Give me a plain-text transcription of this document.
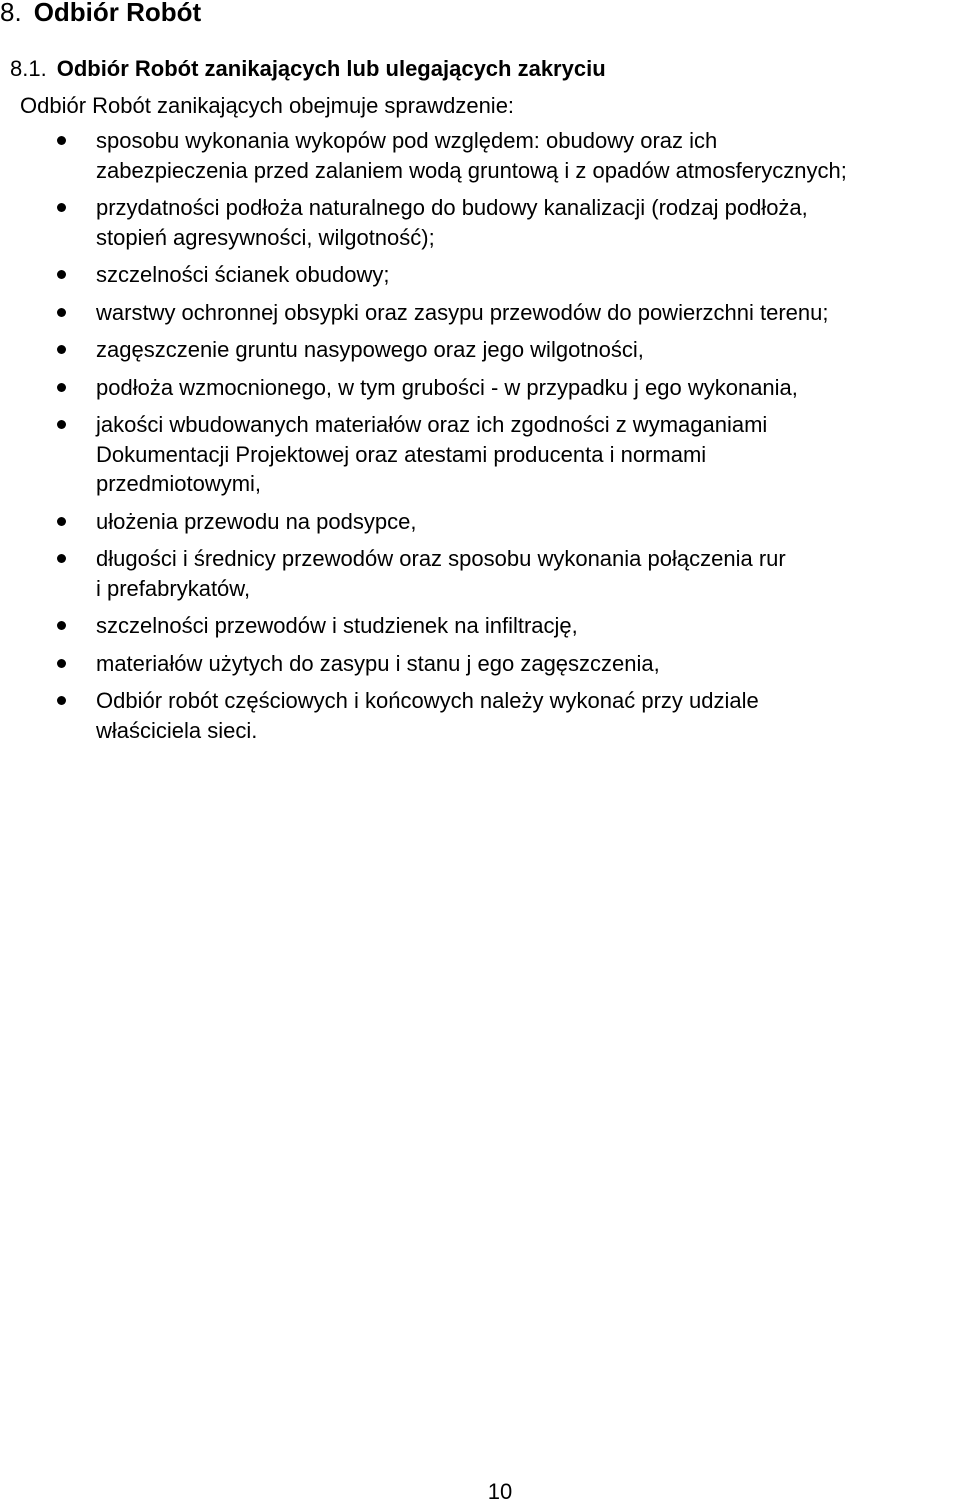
8. Odbiór Robót
8.1. Odbiór Robót zanikających lub ulegających zakryciu
Odbiór Robót zanikających obejmuje sprawdzenie:
sposobu wykonania wykopów pod względem: obudowy oraz ich
zabezpieczenia przed zalaniem wodą gruntową i z opadów atmosferycznych;
przydatności podłoża naturalnego do budowy kanalizacji (rodzaj podłoża,
stopień agresywności, wilgotność);
szczelności ścianek obudowy;
warstwy ochronnej obsypki oraz zasypu przewodów do powierzchni terenu;
zagęszczenie gruntu nasypowego oraz jego wilgotności,
podłoża wzmocnionego, w tym grubości - w przypadku j ego wykonania,
jakości wbudowanych materiałów oraz ich zgodności z wymaganiami
Dokumentacji Projektowej oraz atestami producenta i normami
przedmiotowymi,
ułożenia przewodu na podsypce,
długości i średnicy przewodów oraz sposobu wykonania połączenia rur
i prefabrykatów,
szczelności przewodów i studzienek na infiltrację,
materiałów użytych do zasypu i stanu j ego zagęszczenia,
Odbiór robót częściowych i końcowych należy wykonać przy udziale
właściciela sieci.
10
